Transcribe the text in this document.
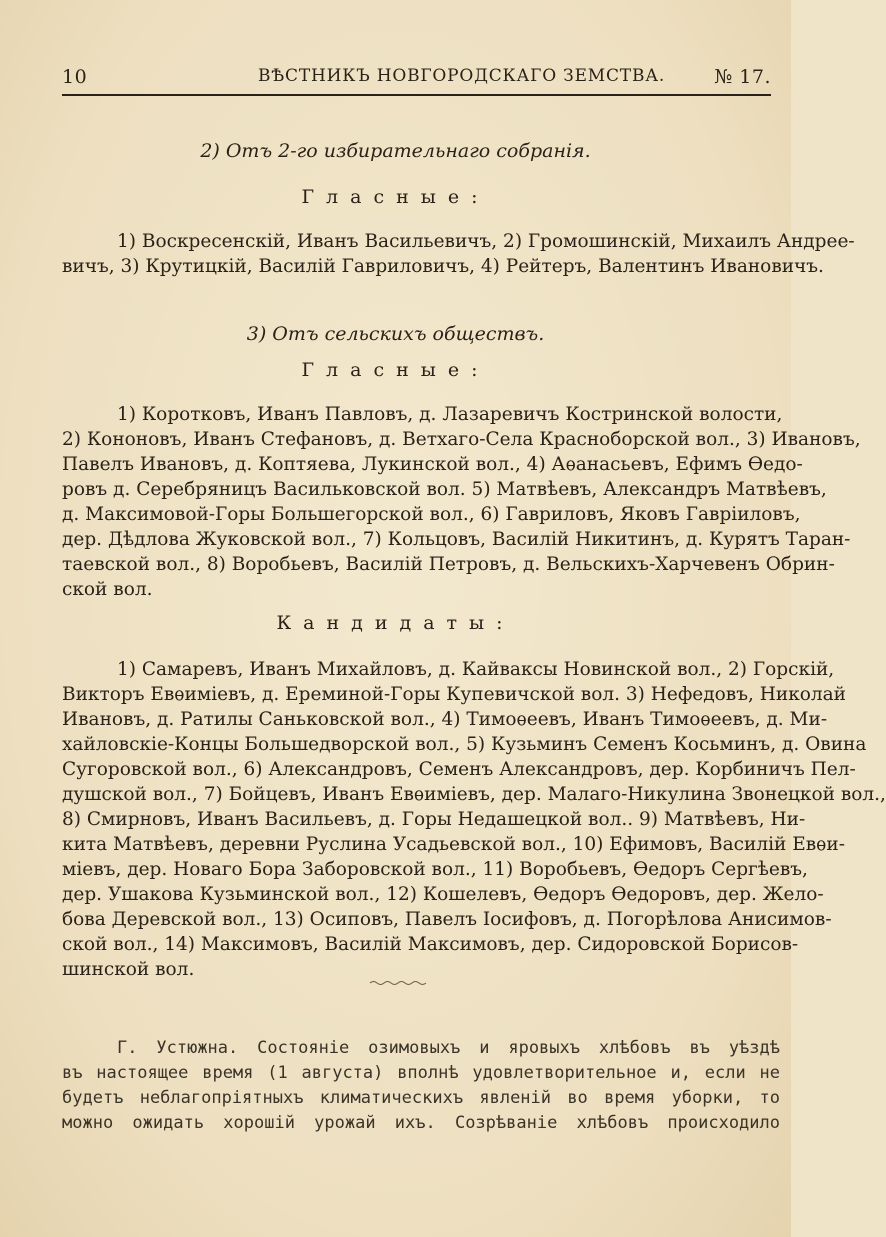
10	ВѢСТНИКЪ НОВГОРОДСКАГО ЗЕМСТВА.	№ 17.
2) Отъ 2-го избирательнаго собранія.
Гласные:
1) Воскресенскій, Иванъ Васильевичъ, 2) Громошинскій, Михаилъ Андрее-
вичъ, 3) Крутицкій, Василій Гавриловичъ, 4) Рейтеръ, Валентинъ Ивановичъ.
3) Отъ сельскихъ обществъ.
Гласные:
1) Коротковъ, Иванъ Павловъ, д. Лазаревичъ Костринской волости,
2) Кононовъ, Иванъ Стефановъ, д. Ветхаго-Села Красноборской вол., 3) Ивановъ,
Павелъ Ивановъ, д. Коптяева, Лукинской вол., 4) Аѳанасьевъ, Ефимъ Ѳедо-
ровъ д. Серебряницъ Васильковской вол. 5) Матвѣевъ, Александръ Матвѣевъ,
д. Максимовой-Горы Большегорской вол., 6) Гавриловъ, Яковъ Гавріиловъ,
дер. Дѣдлова Жуковской вол., 7) Кольцовъ, Василій Никитинъ, д. Курятъ Таран-
таевской вол., 8) Воробьевъ, Василій Петровъ, д. Вельскихъ-Харчевенъ Обрин-
ской вол.
Кандидаты:
1) Самаревъ, Иванъ Михайловъ, д. Кайваксы Новинской вол., 2) Горскій,
Викторъ Евѳиміевъ, д. Ереминой-Горы Купевичской вол. 3) Нефедовъ, Николай
Ивановъ, д. Ратилы Саньковской вол., 4) Тимоѳеевъ, Иванъ Тимоѳеевъ, д. Ми-
хайловскіе-Концы Большедворской вол., 5) Кузьминъ Семенъ Косьминъ, д. Овина
Сугоровской вол., 6) Александровъ, Семенъ Александровъ, дер. Корбиничъ Пел-
душской вол., 7) Бойцевъ, Иванъ Евѳиміевъ, дер. Малаго-Никулина Звонецкой вол.,
8) Смирновъ, Иванъ Васильевъ, д. Горы Недашецкой вол.. 9) Матвѣевъ, Ни-
кита Матвѣевъ, деревни Руслина Усадьевской вол., 10) Ефимовъ, Василій Евѳи-
міевъ, дер. Новаго Бора Заборовской вол., 11) Воробьевъ, Ѳедоръ Сергѣевъ,
дер. Ушакова Кузьминской вол., 12) Кошелевъ, Ѳедоръ Ѳедоровъ, дер. Жело-
бова Деревской вол., 13) Осиповъ, Павелъ Іосифовъ, д. Погорѣлова Анисимов-
ской вол., 14) Максимовъ, Василій Максимовъ, дер. Сидоровской Борисов-
шинской вол.
Г. Устюжна. Состояніе озимовыхъ и яровыхъ хлѣбовъ въ уѣздѣ
въ настоящее время (1 августа) вполнѣ удовлетворительное и, если не
будетъ неблагопріятныхъ климатическихъ явленій во время уборки, то
можно ожидать хорошій урожай ихъ. Созрѣваніе хлѣбовъ происходило
